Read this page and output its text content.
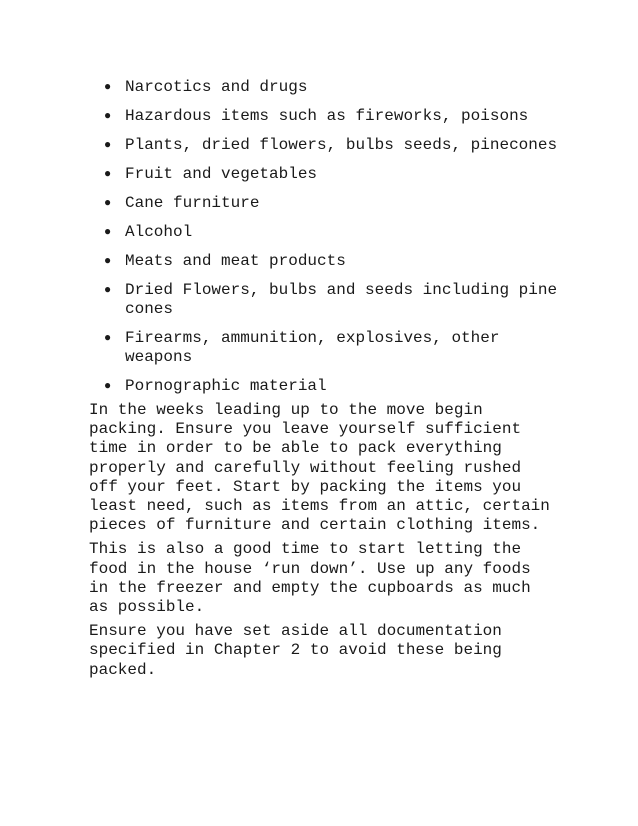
● Narcotics and drugs
● Hazardous items such as fireworks, poisons
● Plants, dried flowers, bulbs seeds, pinecones
● Fruit and vegetables
● Cane furniture
● Alcohol
● Meats and meat products
● Dried Flowers, bulbs and seeds including pine cones
● Firearms, ammunition, explosives, other weapons
● Pornographic material

In the weeks leading up to the move begin packing. Ensure you leave yourself sufficient time in order to be able to pack everything properly and carefully without feeling rushed off your feet. Start by packing the items you least need, such as items from an attic, certain pieces of furniture and certain clothing items.

This is also a good time to start letting the food in the house ‘run down’. Use up any foods in the freezer and empty the cupboards as much as possible.

Ensure you have set aside all documentation specified in Chapter 2 to avoid these being packed.
